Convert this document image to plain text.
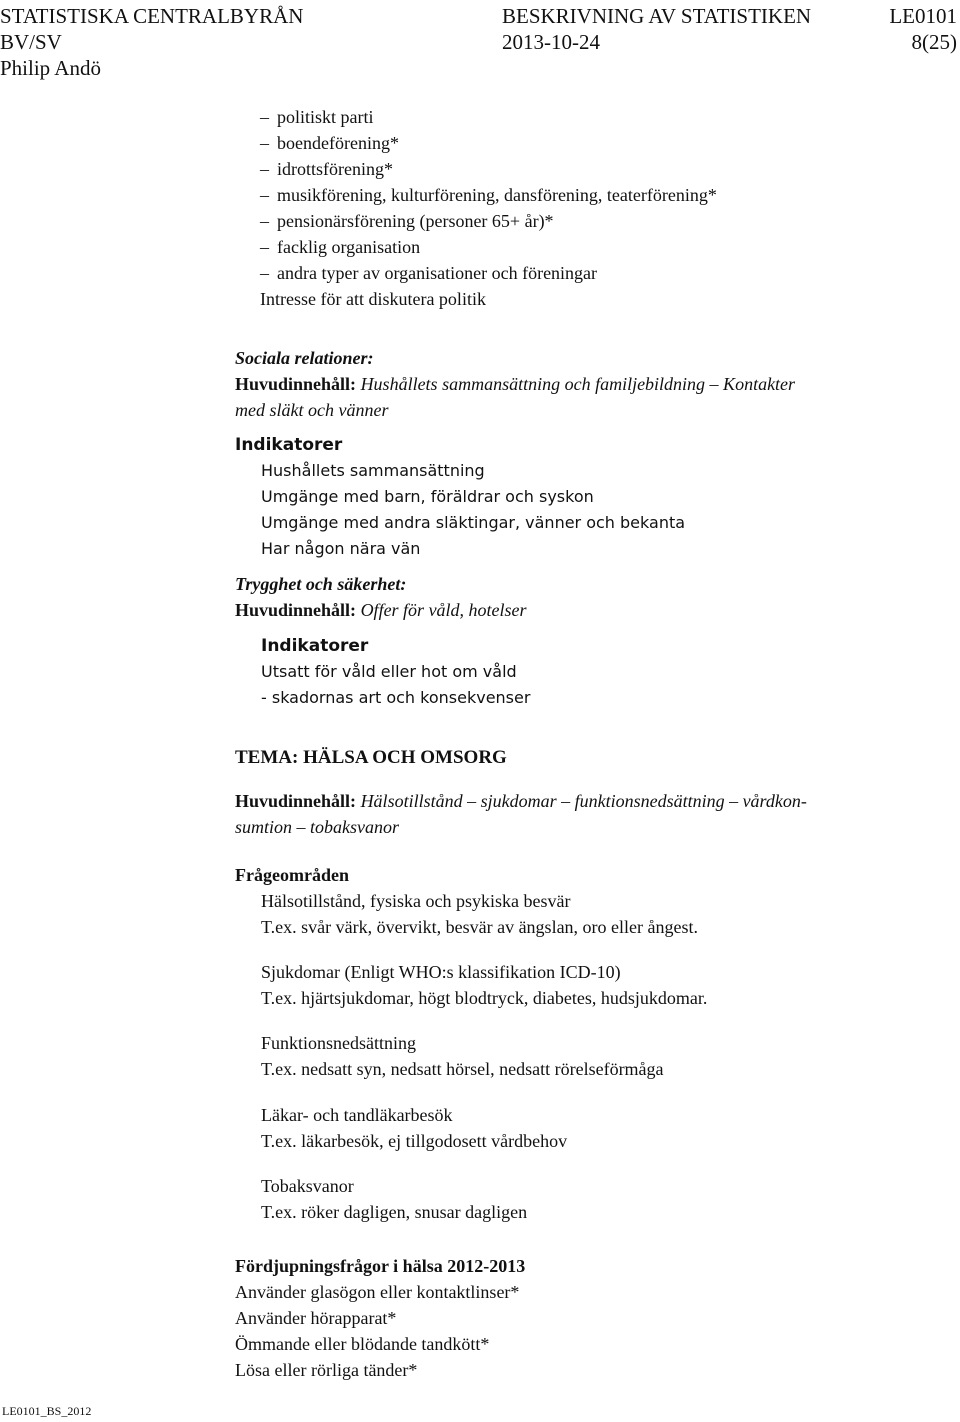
STATISTISKA CENTRALBYRÅN	BESKRIVNING AV STATISTIKEN	LE0101
BV/SV	2013-10-24	8(25)
Philip Andö
– politiskt parti
– boendeförening*
– idrottsförening*
– musikförening, kulturförening, dansförening, teaterförening*
– pensionärsförening (personer 65+ år)*
– facklig organisation
– andra typer av organisationer och föreningar
Intresse för att diskutera politik
Sociala relationer:
Huvudinnehåll: Hushållets sammansättning och familjebildning – Kontakter
med släkt och vänner
Indikatorer
Hushållets sammansättning
Umgänge med barn, föräldrar och syskon
Umgänge med andra släktingar, vänner och bekanta
Har någon nära vän
Trygghet och säkerhet:
Huvudinnehåll: Offer för våld, hotelser
Indikatorer
Utsatt för våld eller hot om våld
- skadornas art och konsekvenser
TEMA: HÄLSA OCH OMSORG
Huvudinnehåll: Hälsotillstånd – sjukdomar – funktionsnedsättning – vårdkon-
sumtion – tobaksvanor
Frågeområden
Hälsotillstånd, fysiska och psykiska besvär
T.ex. svår värk, övervikt, besvär av ängslan, oro eller ångest.
Sjukdomar (Enligt WHO:s klassifikation ICD-10)
T.ex. hjärtsjukdomar, högt blodtryck, diabetes, hudsjukdomar.
Funktionsnedsättning
T.ex. nedsatt syn, nedsatt hörsel, nedsatt rörelseförmåga
Läkar- och tandläkarbesök
T.ex. läkarbesök, ej tillgodosett vårdbehov
Tobaksvanor
T.ex. röker dagligen, snusar dagligen
Fördjupningsfrågor i hälsa 2012-2013
Använder glasögon eller kontaktlinser*
Använder hörapparat*
Ömmande eller blödande tandkött*
Lösa eller rörliga tänder*
LE0101_BS_2012
